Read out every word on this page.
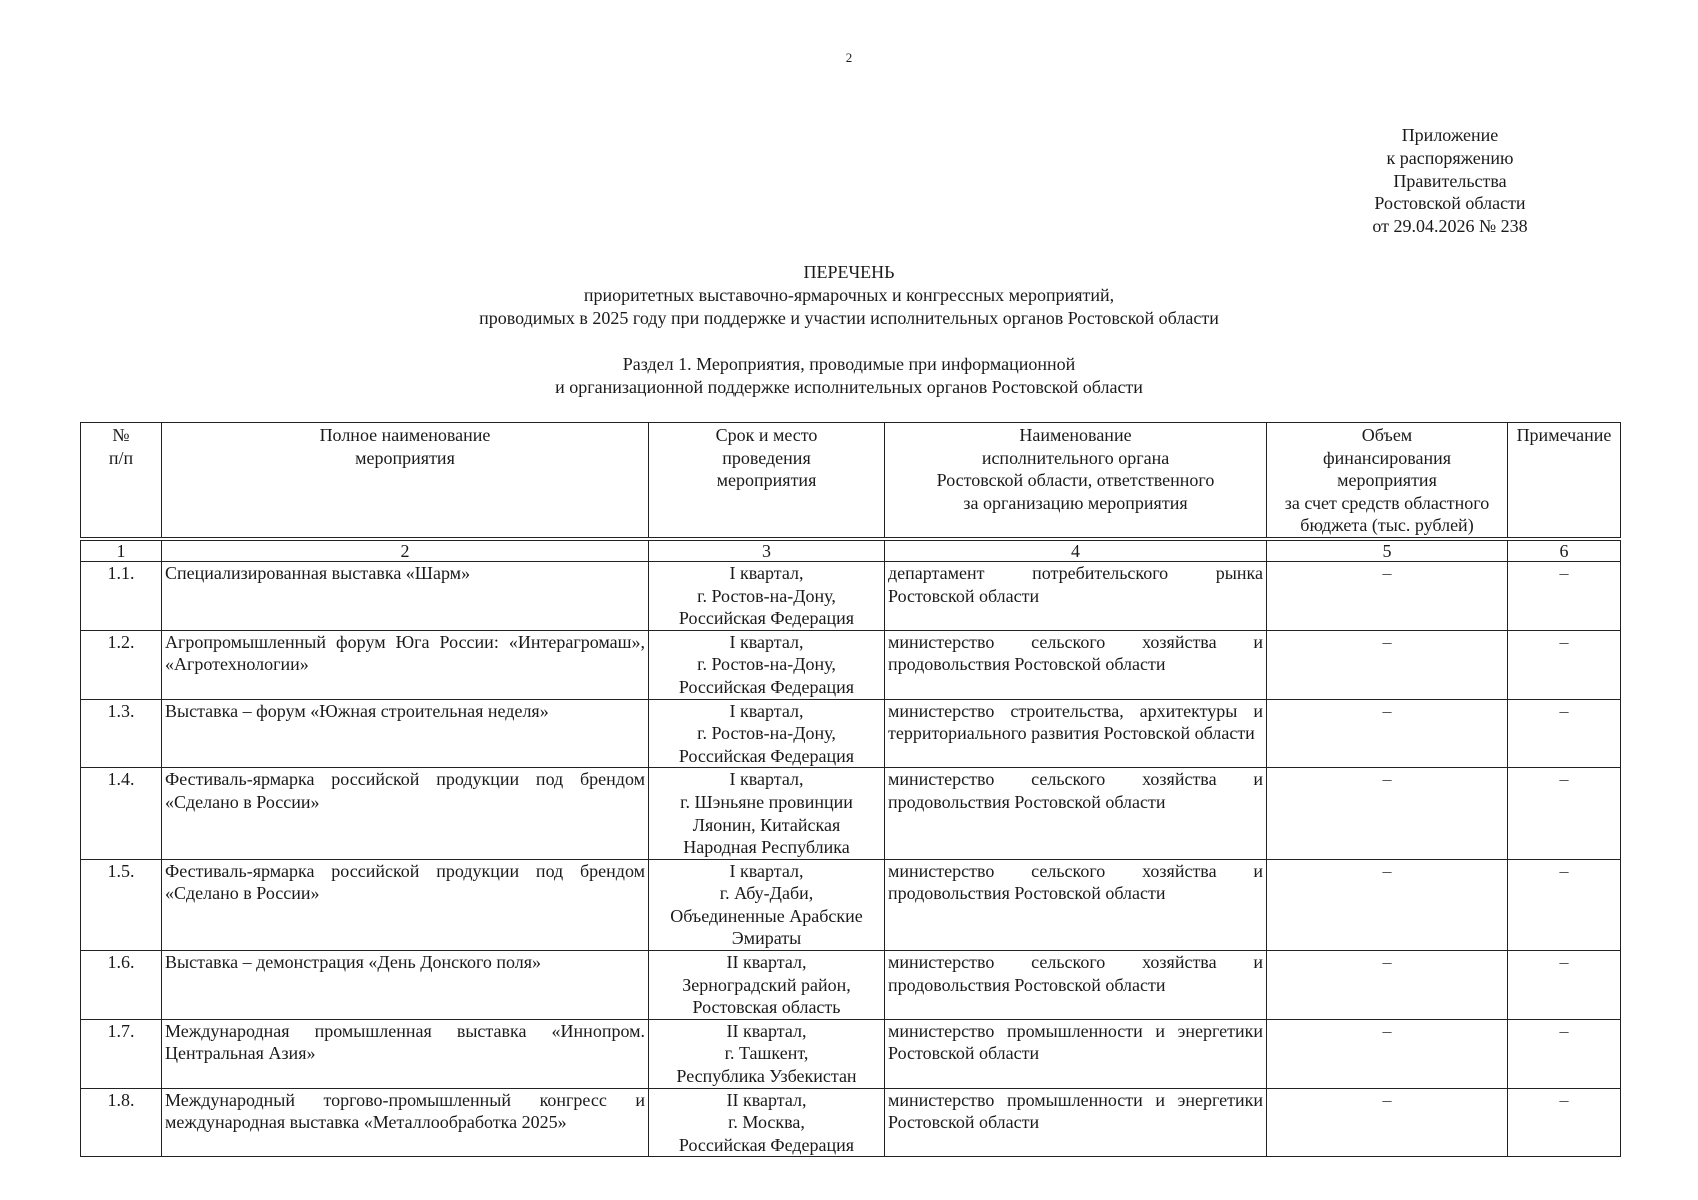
2
Приложение
к распоряжению
Правительства
Ростовской области
от 29.04.2026 № 238
ПЕРЕЧЕНЬ
приоритетных выставочно-ярмарочных и конгрессных мероприятий,
проводимых в 2025 году при поддержке и участии исполнительных органов Ростовской области
Раздел 1. Мероприятия, проводимые при информационной
и организационной поддержке исполнительных органов Ростовской области
№
п/п	Полное наименование
мероприятия	Срок и место
проведения
мероприятия	Наименование
исполнительного органа
Ростовской области, ответственного
за организацию мероприятия	Объем
финансирования
мероприятия
за счет средств областного
бюджета (тыс. рублей)	Примечание
1	2	3	4	5	6
1.1.	Специализированная выставка «Шарм»	I квартал,
г. Ростов-на-Дону,
Российская Федерация	департамент потребительского рынка Ростовской области	–	–
1.2.	Агропромышленный форум Юга России: «Интерагромаш», «Агротехнологии»	I квартал,
г. Ростов-на-Дону,
Российская Федерация	министерство сельского хозяйства и продовольствия Ростовской области	–	–
1.3.	Выставка – форум «Южная строительная неделя»	I квартал,
г. Ростов-на-Дону,
Российская Федерация	министерство строительства, архитектуры и территориального развития Ростовской области	–	–
1.4.	Фестиваль-ярмарка российской продукции под брендом «Сделано в России»	I квартал,
г. Шэньяне провинции
Ляонин, Китайская
Народная Республика	министерство сельского хозяйства и продовольствия Ростовской области	–	–
1.5.	Фестиваль-ярмарка российской продукции под брендом «Сделано в России»	I квартал,
г. Абу-Даби,
Объединенные Арабские
Эмираты	министерство сельского хозяйства и продовольствия Ростовской области	–	–
1.6.	Выставка – демонстрация «День Донского поля»	II квартал,
Зерноградский район,
Ростовская область	министерство сельского хозяйства и продовольствия Ростовской области	–	–
1.7.	Международная промышленная выставка «Иннопром. Центральная Азия»	II квартал,
г. Ташкент,
Республика Узбекистан	министерство промышленности и энергетики Ростовской области	–	–
1.8.	Международный торгово-промышленный конгресс и международная выставка «Металлообработка 2025»	II квартал,
г. Москва,
Российская Федерация	министерство промышленности и энергетики Ростовской области	–	–
